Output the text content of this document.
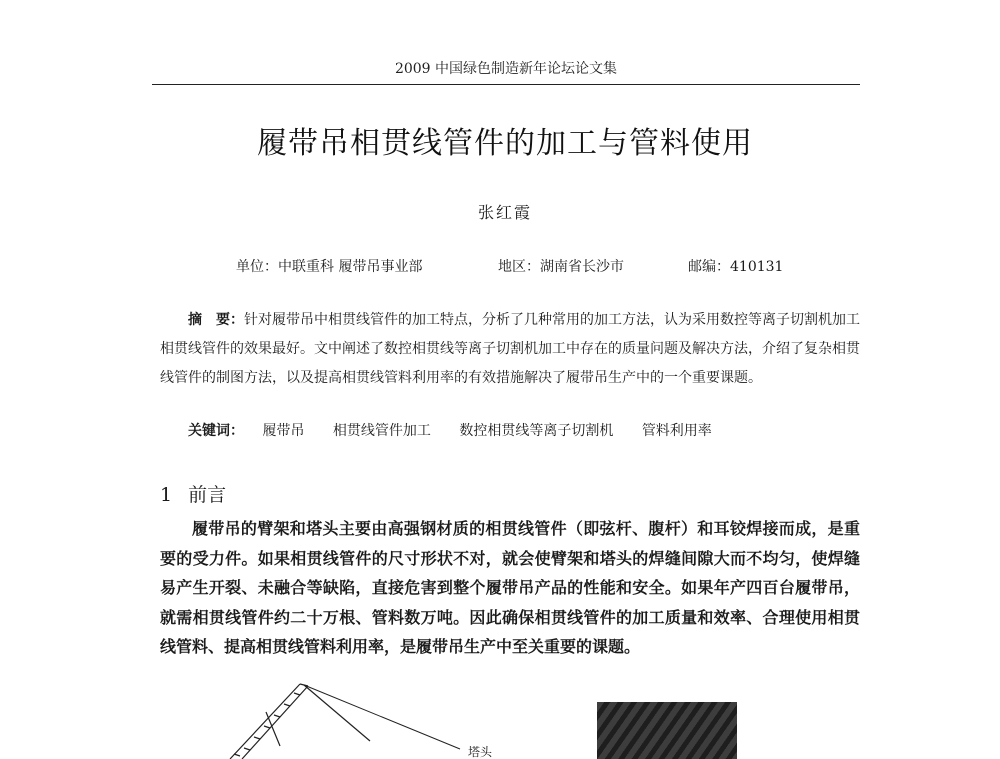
2009 中国绿色制造新年论坛论文集
履带吊相贯线管件的加工与管料使用
张红霞
单位：中联重科 履带吊事业部	地区：湖南省长沙市	邮编：410131
摘　要：针对履带吊中相贯线管件的加工特点，分析了几种常用的加工方法，认为采用数控等离子切割机加工相贯线管件的效果最好。文中阐述了数控相贯线等离子切割机加工中存在的质量问题及解决方法，介绍了复杂相贯线管件的制图方法，以及提高相贯线管料利用率的有效措施解决了履带吊生产中的一个重要课题。
关键词： 履带吊 相贯线管件加工 数控相贯线等离子切割机 管料利用率
1 前言
履带吊的臂架和塔头主要由高强钢材质的相贯线管件（即弦杆、腹杆）和耳铰焊接而成，是重要的受力件。如果相贯线管件的尺寸形状不对，就会使臂架和塔头的焊缝间隙大而不均匀，使焊缝易产生开裂、未融合等缺陷，直接危害到整个履带吊产品的性能和安全。如果年产四百台履带吊，就需相贯线管件约二十万根、管料数万吨。因此确保相贯线管件的加工质量和效率、合理使用相贯线管料、提高相贯线管料利用率，是履带吊生产中至关重要的课题。
塔头
